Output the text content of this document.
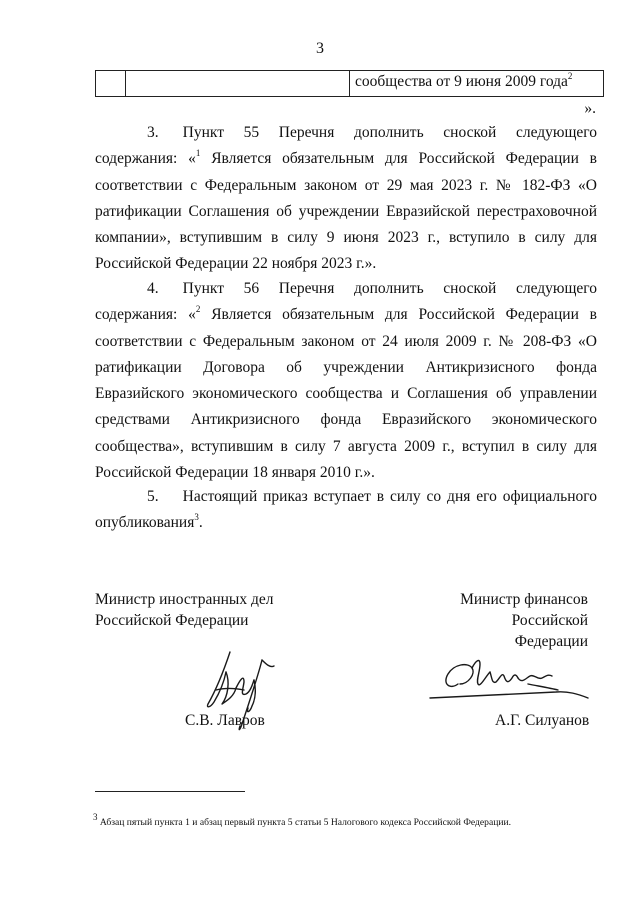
3
сообщества от 9 июня 2009 года$^2$
».
3. Пункт 55 Перечня дополнить сноской следующего содержания: «$^1$ Является обязательным для Российской Федерации в соответствии с Федеральным законом от 29 мая 2023 г. № 182-ФЗ «О ратификации Соглашения об учреждении Евразийской перестраховочной компании», вступившим в силу 9 июня 2023 г., вступило в силу для Российской Федерации 22 ноября 2023 г.».
4. Пункт 56 Перечня дополнить сноской следующего содержания: «$^2$ Является обязательным для Российской Федерации в соответствии с Федеральным законом от 24 июля 2009 г. № 208-ФЗ «О ратификации Договора об учреждении Антикризисного фонда Евразийского экономического сообщества и Соглашения об управлении средствами Антикризисного фонда Евразийского экономического сообщества», вступившим в силу 7 августа 2009 г., вступил в силу для Российской Федерации 18 января 2010 г.».
5. Настоящий приказ вступает в силу со дня его официального опубликования$^3$.
Министр иностранных дел
Российской Федерации
Министр финансов
Российской Федерации
С.В. Лавров	А.Г. Силуанов
$^3$ Абзац пятый пункта 1 и абзац первый пункта 5 статьи 5 Налогового кодекса Российской Федерации.
